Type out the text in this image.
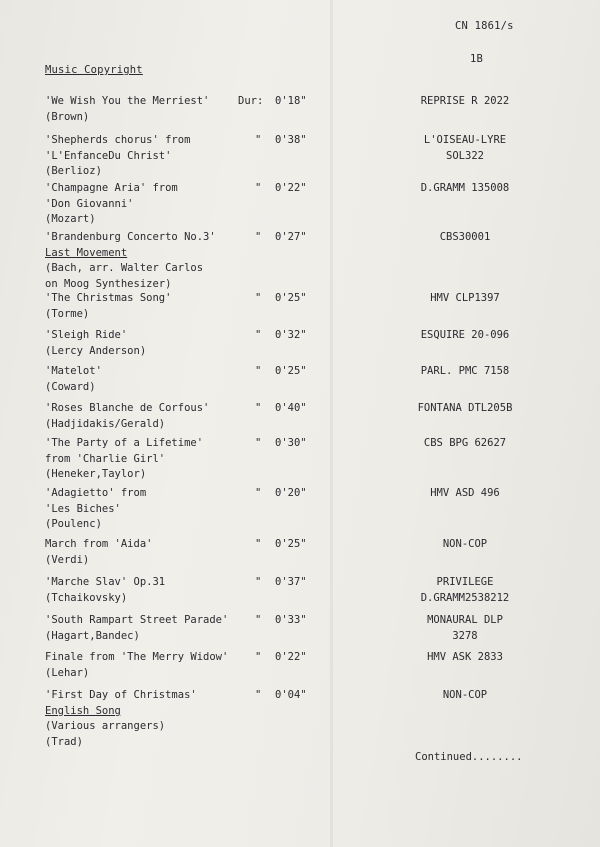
CN 1861/s
1B
Music Copyright
'We Wish You the Merriest'
(Brown)
Dur: 0'18"	REPRISE R 2022
'Shepherds chorus' from
'L'EnfanceDu Christ'
(Berlioz)
" 0'38"	L'OISEAU-LYRE
SOL322
'Champagne Aria' from
'Don Giovanni'
(Mozart)
" 0'22"	D.GRAMM 135008
'Brandenburg Concerto No.3'
Last Movement
(Bach, arr. Walter Carlos
on Moog Synthesizer)
" 0'27"	CBS30001
'The Christmas Song'
(Torme)
" 0'25"	HMV CLP1397
'Sleigh Ride'
(Lercy Anderson)
" 0'32"	ESQUIRE 20-096
'Matelot'
(Coward)
" 0'25"	PARL. PMC 7158
'Roses Blanche de Corfous'
(Hadjidakis/Gerald)
" 0'40"	FONTANA DTL205B
'The Party of a Lifetime'
from 'Charlie Girl'
(Heneker,Taylor)
" 0'30"	CBS BPG 62627
'Adagietto' from
'Les Biches'
(Poulenc)
" 0'20"	HMV ASD 496
March from 'Aida'
(Verdi)
" 0'25"	NON-COP
'Marche Slav' Op.31
(Tchaikovsky)
" 0'37"	PRIVILEGE
D.GRAMM2538212
'South Rampart Street Parade'
(Hagart,Bandec)
" 0'33"	MONAURAL DLP
3278
Finale from 'The Merry Widow'
(Lehar)
" 0'22"	HMV ASK 2833
'First Day of Christmas'
English Song
(Various arrangers)
(Trad)
" 0'04"	NON-COP
Continued........
